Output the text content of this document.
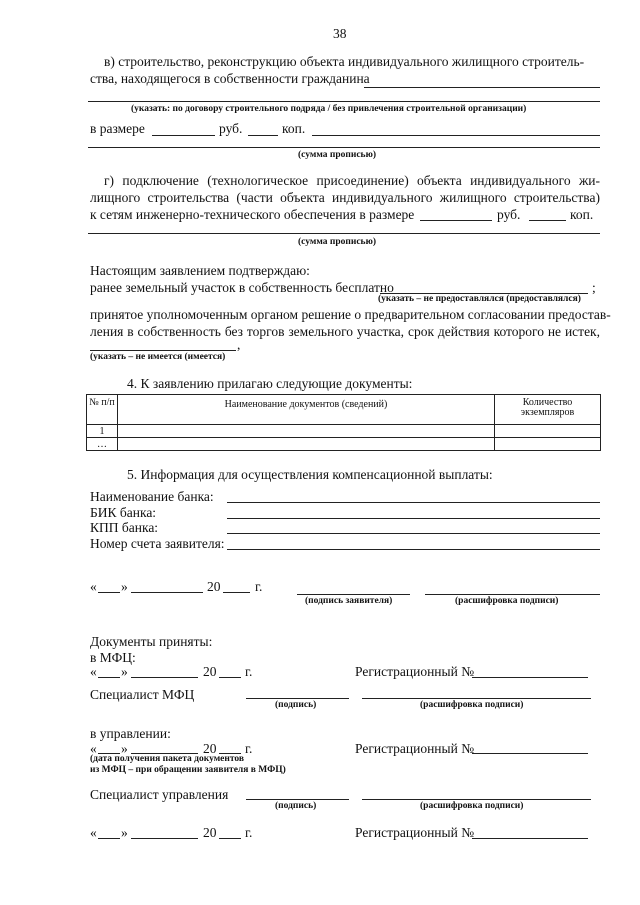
38
в) строительство, реконструкцию объекта индивидуального жилищного строитель-
ства, находящегося в собственности гражданина
(указать: по договору строительного подряда / без привлечения строительной организации)
в размере	руб.	коп.
(сумма прописью)
г) подключение (технологическое присоединение) объекта индивидуального жи-
лищного строительства (части объекта индивидуального жилищного строительства)
к сетям инженерно-технического обеспечения в размере	руб.	коп.
(сумма прописью)
Настоящим заявлением подтверждаю:
ранее земельный участок в собственность бесплатно	;
(указать – не предоставлялся (предоставлялся)
принятое уполномоченным органом решение о предварительном согласовании предостав-
ления в собственность без торгов земельного участка, срок действия которого не истек,
,
(указать – не имеется (имеется)
4. К заявлению прилагаю следующие документы:
№ п/п	Наименование документов (сведений)	Количество экземпляров
1		
…		
5. Информация для осуществления компенсационной выплаты:
Наименование банка:
БИК банка:
КПП банка:
Номер счета заявителя:
« »	20	г.
(подпись заявителя)	(расшифровка подписи)
Документы приняты:
в МФЦ:
« »	20 г.	Регистрационный №
Специалист МФЦ
(подпись)	(расшифровка подписи)
в управлении:
« »	20 г.	Регистрационный №
(дата получения пакета документов
из МФЦ – при обращении заявителя в МФЦ)
Специалист управления
(подпись)	(расшифровка подписи)
« »	20 г.	Регистрационный №
